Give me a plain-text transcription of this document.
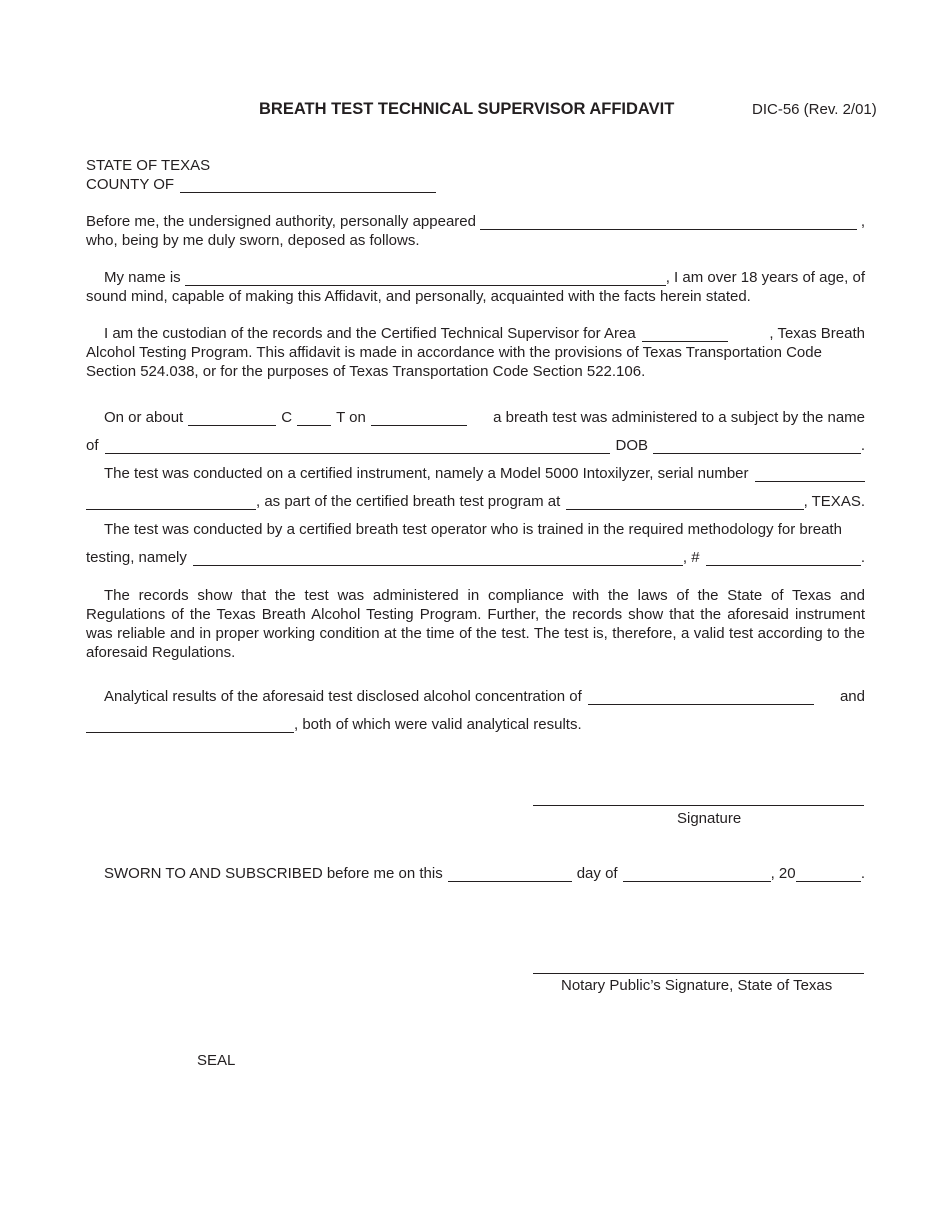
BREATH TEST TECHNICAL SUPERVISOR AFFIDAVIT	DIC-56 (Rev. 2/01)
STATE OF TEXAS
COUNTY OF
Before me, the undersigned authority, personally appeared	,
who, being by me duly sworn, deposed as follows.
My name is	, I am over 18 years of age, of
sound mind, capable of making this Affidavit, and personally, acquainted with the facts herein stated.
I am the custodian of the records and the Certified Technical Supervisor for Area	, Texas Breath
Alcohol Testing Program. This affidavit is made in accordance with the provisions of Texas Transportation Code
Section 524.038, or for the purposes of Texas Transportation Code Section 522.106.
On or about	C	T on	a breath test was administered to a subject by the name
of	DOB	.
The test was conducted on a certified instrument, namely a Model 5000 Intoxilyzer, serial number
, as part of the certified breath test program at	, TEXAS.
The test was conducted by a certified breath test operator who is trained in the required methodology for breath
testing, namely	, #	.
The records show that the test was administered in compliance with the laws of the State of Texas and Regulations of the Texas Breath Alcohol Testing Program. Further, the records show that the aforesaid instrument was reliable and in proper working condition at the time of the test. The test is, therefore, a valid test according to the aforesaid Regulations.
Analytical results of the aforesaid test disclosed alcohol concentration of	and
, both of which were valid analytical results.
Signature
SWORN TO AND SUBSCRIBED before me on this	day of	, 20	.
Notary Public’s Signature, State of Texas
SEAL
